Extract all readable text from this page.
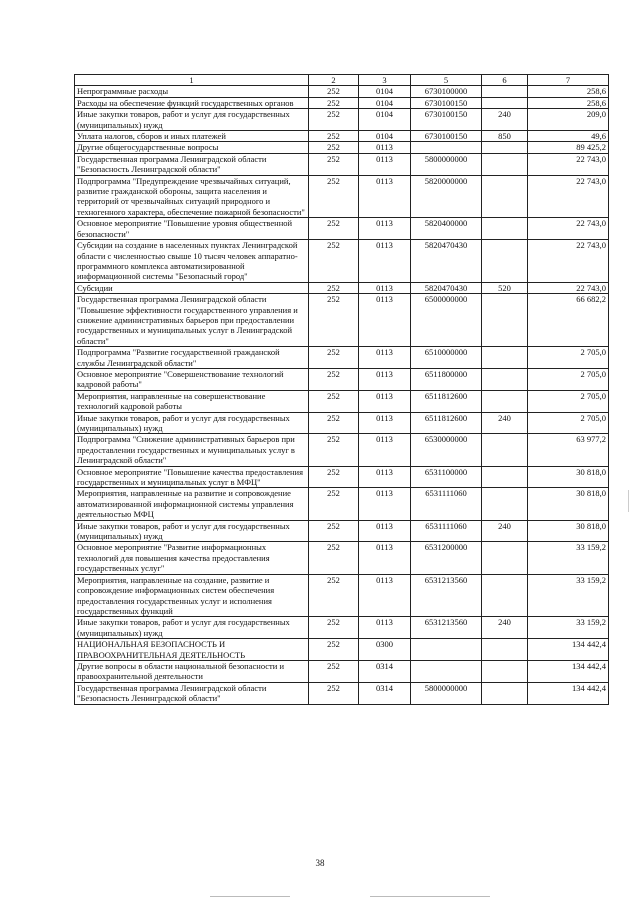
1	2	3	5	6	7
Непрограммные расходы	252	0104	6730100000		258,6
Расходы на обеспечение функций государственных органов	252	0104	6730100150		258,6
Иные закупки товаров, работ и услуг для государственных (муниципальных) нужд	252	0104	6730100150	240	209,0
Уплата налогов, сборов и иных платежей	252	0104	6730100150	850	49,6
Другие общегосударственные вопросы	252	0113			89 425,2
Государственная программа Ленинградской области "Безопасность Ленинградской области"	252	0113	5800000000		22 743,0
Подпрограмма "Предупреждение чрезвычайных ситуаций, развитие гражданской обороны, защита населения и территорий от чрезвычайных ситуаций природного и техногенного характера, обеспечение пожарной безопасности"	252	0113	5820000000		22 743,0
Основное мероприятие "Повышение уровня общественной безопасности"	252	0113	5820400000		22 743,0
Субсидии на создание в населенных пунктах Ленинградской области с численностью свыше 10 тысяч человек аппаратно-программного комплекса автоматизированной информационной системы "Безопасный город"	252	0113	5820470430		22 743,0
Субсидии	252	0113	5820470430	520	22 743,0
Государственная программа Ленинградской области "Повышение эффективности государственного управления и снижение административных барьеров при предоставлении государственных и муниципальных услуг в Ленинградской области"	252	0113	6500000000		66 682,2
Подпрограмма "Развитие государственной гражданской службы Ленинградской области"	252	0113	6510000000		2 705,0
Основное мероприятие "Совершенствование технологий кадровой работы"	252	0113	6511800000		2 705,0
Мероприятия, направленные на совершенствование технологий кадровой работы	252	0113	6511812600		2 705,0
Иные закупки товаров, работ и услуг для государственных (муниципальных) нужд	252	0113	6511812600	240	2 705,0
Подпрограмма "Снижение административных барьеров при предоставлении государственных и муниципальных услуг в Ленинградской области"	252	0113	6530000000		63 977,2
Основное мероприятие "Повышение качества предоставления государственных и муниципальных услуг в МФЦ"	252	0113	6531100000		30 818,0
Мероприятия, направленные на развитие и сопровождение автоматизированной информационной системы управления деятельностью МФЦ	252	0113	6531111060		30 818,0
Иные закупки товаров, работ и услуг для государственных (муниципальных) нужд	252	0113	6531111060	240	30 818,0
Основное мероприятие "Развитие информационных технологий для повышения качества предоставления государственных услуг"	252	0113	6531200000		33 159,2
Мероприятия, направленные на создание, развитие и сопровождение информационных систем обеспечения предоставления государственных услуг и исполнения государственных функций	252	0113	6531213560		33 159,2
Иные закупки товаров, работ и услуг для государственных (муниципальных) нужд	252	0113	6531213560	240	33 159,2
НАЦИОНАЛЬНАЯ БЕЗОПАСНОСТЬ И ПРАВООХРАНИТЕЛЬНАЯ ДЕЯТЕЛЬНОСТЬ	252	0300			134 442,4
Другие вопросы в области национальной безопасности и правоохранительной деятельности	252	0314			134 442,4
Государственная программа Ленинградской области "Безопасность Ленинградской области"	252	0314	5800000000		134 442,4
38
